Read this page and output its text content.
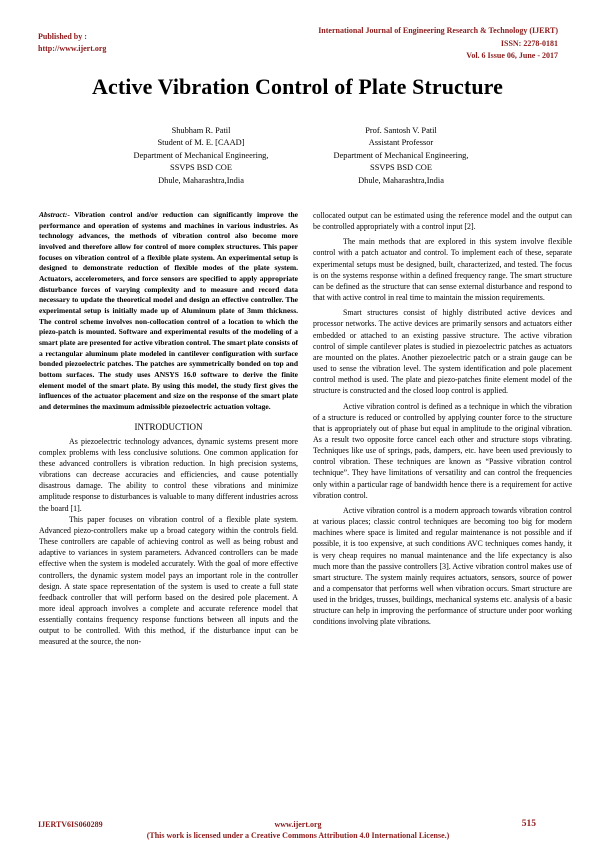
Published by :
http://www.ijert.org
International Journal of Engineering Research & Technology (IJERT)
ISSN: 2278-0181
Vol. 6 Issue 06, June - 2017
Active Vibration Control of Plate Structure
Shubham R. Patil
Student of M. E. [CAAD]
Department of Mechanical Engineering,
SSVPS BSD COE
Dhule, Maharashtra,India
Prof. Santosh V. Patil
Assistant Professor
Department of Mechanical Engineering,
SSVPS BSD COE
Dhule, Maharashtra,India

Abstract:- Vibration control and/or reduction can significantly improve the performance and operation of systems and machines in various industries. As technology advances, the methods of vibration control also become more involved and therefore allow for control of more complex structures. This paper focuses on vibration control of a flexible plate system. An experimental setup is designed to demonstrate reduction of flexible modes of the plate system. Actuators, accelerometers, and force sensors are specified to apply appropriate disturbance forces of varying complexity and to measure and record data necessary to update the theoretical model and design an effective controller. The experimental setup is initially made up of Aluminum plate of 3mm thickness. The control scheme involves non-collocation control of a location to which the piezo-patch is mounted. Software and experimental results of the modeling of a smart plate are presented for active vibration control. The smart plate consists of a rectangular aluminum plate modeled in cantilever configuration with surface bonded piezoelectric patches. The patches are symmetrically bonded on top and bottom surfaces. The study uses ANSYS 16.0 software to derive the finite element model of the smart plate. By using this model, the study first gives the influences of the actuator placement and size on the response of the smart plate and determines the maximum admissible piezoelectric actuation voltage.

INTRODUCTION

As piezoelectric technology advances, dynamic systems present more complex problems with less conclusive solutions. One common application for these advanced controllers is vibration reduction. In high precision systems, vibrations can decrease accuracies and efficiencies, and cause potentially disastrous damage. The ability to control these vibrations and minimize amplitude response to disturbances is valuable to many different industries across the board [1].

This paper focuses on vibration control of a flexible plate system. Advanced piezo-controllers make up a broad category within the controls field. These controllers are capable of achieving control as well as being robust and adaptive to variances in system parameters. Advanced controllers can be made effective when the system is modeled accurately. With the goal of more effective controllers, the dynamic system model pays an important role in the controller design. A state space representation of the system is used to create a full state feedback controller that will perform based on the desired pole placement. A more ideal approach involves a complete and accurate reference model that essentially contains frequency response functions between all inputs and the output to be controlled. With this method, if the disturbance input can be measured at the source, the non-

collocated output can be estimated using the reference model and the output can be controlled appropriately with a control input [2].

The main methods that are explored in this system involve flexible control with a patch actuator and control. To implement each of these, separate experimental setups must be designed, built, characterized, and tested. The focus is on the systems response within a defined frequency range. The smart structure can be defined as the structure that can sense external disturbance and respond to that with active control in real time to maintain the mission requirements.

Smart structures consist of highly distributed active devices and processor networks. The active devices are primarily sensors and actuators either embedded or attached to an existing passive structure. The active vibration control of simple cantilever plates is studied in piezoelectric patches as actuators are mounted on the plates. Another piezoelectric patch or a strain gauge can be used to sense the vibration level. The system identification and pole placement control method is used. The plate and piezo-patches finite element model of the structure is constructed and the closed loop control is applied.

Active vibration control is defined as a technique in which the vibration of a structure is reduced or controlled by applying counter force to the structure that is appropriately out of phase but equal in amplitude to the original vibration. As a result two opposite force cancel each other and structure stops vibrating. Techniques like use of springs, pads, dampers, etc. have been used previously to control vibration. These techniques are known as “Passive vibration control technique”. They have limitations of versatility and can control the frequencies only within a particular rage of bandwidth hence there is a requirement for active vibration control.

Active vibration control is a modern approach towards vibration control at various places; classic control techniques are becoming too big for modern machines where space is limited and regular maintenance is not possible and if possible, it is too expensive, at such conditions AVC techniques comes handy, it is very cheap requires no manual maintenance and the life expectancy is also much more than the passive controllers [3]. Active vibration control makes use of smart structure. The system mainly requires actuators, sensors, source of power and a compensator that performs well when vibration occurs. Smart structure are used in the bridges, trusses, buildings, mechanical systems etc. analysis of a basic structure can help in improving the performance of structure under poor working conditions involving plate vibrations.

IJERTV6IS060289	www.ijert.org	515
(This work is licensed under a Creative Commons Attribution 4.0 International License.)
